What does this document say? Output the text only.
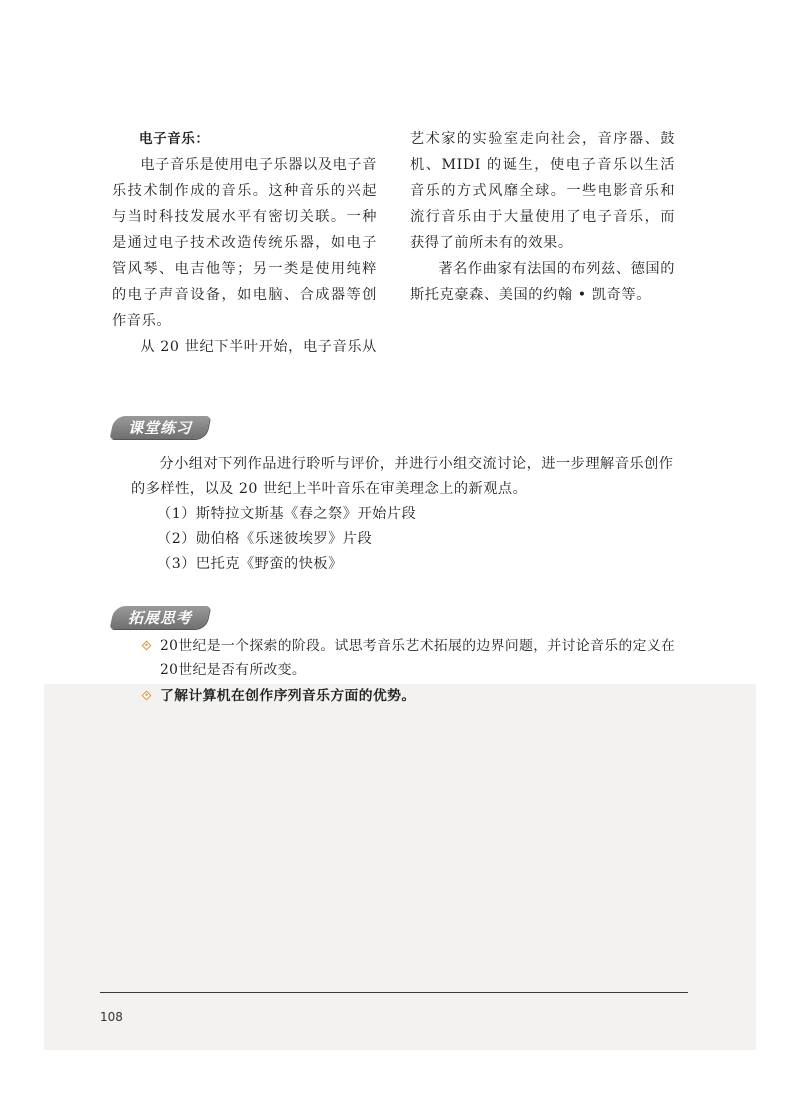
电子音乐：

电子音乐是使用电子乐器以及电子音乐技术制作成的音乐。这种音乐的兴起与当时科技发展水平有密切关联。一种是通过电子技术改造传统乐器，如电子管风琴、电吉他等；另一类是使用纯粹的电子声音设备，如电脑、合成器等创作音乐。

从 20 世纪下半叶开始，电子音乐从

艺术家的实验室走向社会，音序器、鼓机、MIDI 的诞生，使电子音乐以生活音乐的方式风靡全球。一些电影音乐和流行音乐由于大量使用了电子音乐，而获得了前所未有的效果。

著名作曲家有法国的布列兹、德国的斯托克豪森、美国的约翰 • 凯奇等。

课堂练习

分小组对下列作品进行聆听与评价，并进行小组交流讨论，进一步理解音乐创作的多样性，以及 20 世纪上半叶音乐在审美理念上的新观点。

（1）斯特拉文斯基《春之祭》开始片段
（2）勋伯格《乐迷彼埃罗》片段
（3）巴托克《野蛮的快板》
拓展思考
20世纪是一个探索的阶段。试思考音乐艺术拓展的边界问题，并讨论音乐的定义在20世纪是否有所改变。
了解计算机在创作序列音乐方面的优势。
108
